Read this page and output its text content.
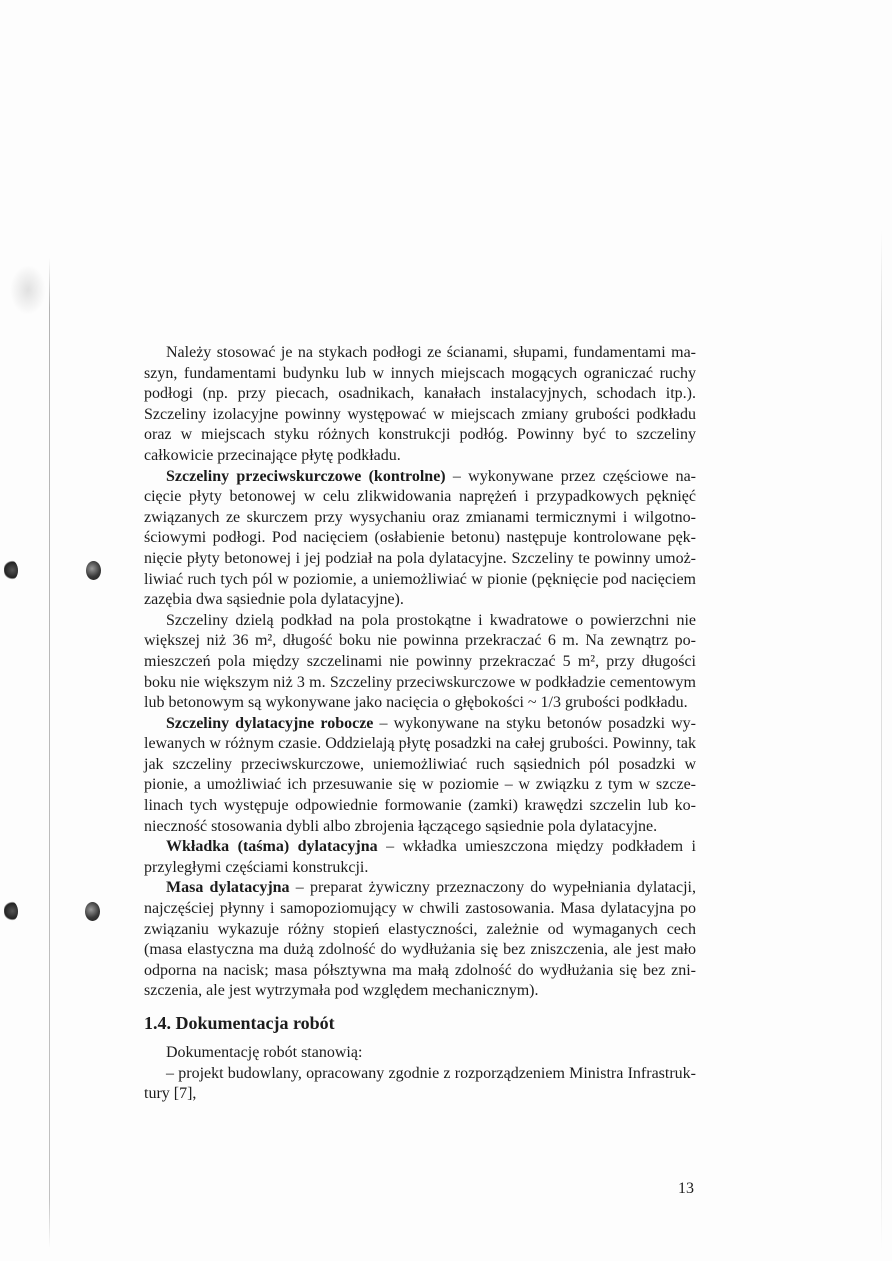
Należy stosować je na stykach podłogi ze ścianami, słupami, fundamentami maszyn, fundamentami budynku lub w innych miejscach mogących ograniczać ruchy podłogi (np. przy piecach, osadnikach, kanałach instalacyjnych, schodach itp.). Szczeliny izolacyjne powinny występować w miejscach zmiany grubości podkładu oraz w miejscach styku różnych konstrukcji podłóg. Powinny być to szczeliny całkowicie przecinające płytę podkładu.

Szczeliny przeciwskurczowe (kontrolne) – wykonywane przez częściowe nacięcie płyty betonowej w celu zlikwidowania naprężeń i przypadkowych pęknięć związanych ze skurczem przy wysychaniu oraz zmianami termicznymi i wilgotnościowymi podłogi. Pod nacięciem (osłabienie betonu) następuje kontrolowane pęknięcie płyty betonowej i jej podział na pola dylatacyjne. Szczeliny te powinny umożliwiać ruch tych pól w poziomie, a uniemożliwiać w pionie (pęknięcie pod nacięciem zazębia dwa sąsiednie pola dylatacyjne).

Szczeliny dzielą podkład na pola prostokątne i kwadratowe o powierzchni nie większej niż 36 m², długość boku nie powinna przekraczać 6 m. Na zewnątrz pomieszczeń pola między szczelinami nie powinny przekraczać 5 m², przy długości boku nie większym niż 3 m. Szczeliny przeciwskurczowe w podkładzie cementowym lub betonowym są wykonywane jako nacięcia o głębokości ~ 1/3 grubości podkładu.

Szczeliny dylatacyjne robocze – wykonywane na styku betonów posadzki wylewanych w różnym czasie. Oddzielają płytę posadzki na całej grubości. Powinny, tak jak szczeliny przeciwskurczowe, uniemożliwiać ruch sąsiednich pól posadzki w pionie, a umożliwiać ich przesuwanie się w poziomie – w związku z tym w szczelinach tych występuje odpowiednie formowanie (zamki) krawędzi szczelin lub konieczność stosowania dybli albo zbrojenia łączącego sąsiednie pola dylatacyjne.

Wkładka (taśma) dylatacyjna – wkładka umieszczona między podkładem i przyległymi częściami konstrukcji.

Masa dylatacyjna – preparat żywiczny przeznaczony do wypełniania dylatacji, najczęściej płynny i samopoziomujący w chwili zastosowania. Masa dylatacyjna po związaniu wykazuje różny stopień elastyczności, zależnie od wymaganych cech (masa elastyczna ma dużą zdolność do wydłużania się bez zniszczenia, ale jest mało odporna na nacisk; masa półsztywna ma małą zdolność do wydłużania się bez zniszczenia, ale jest wytrzymała pod względem mechanicznym).

1.4. Dokumentacja robót

Dokumentację robót stanowią:

– projekt budowlany, opracowany zgodnie z rozporządzeniem Ministra Infrastruktury [7],

13
